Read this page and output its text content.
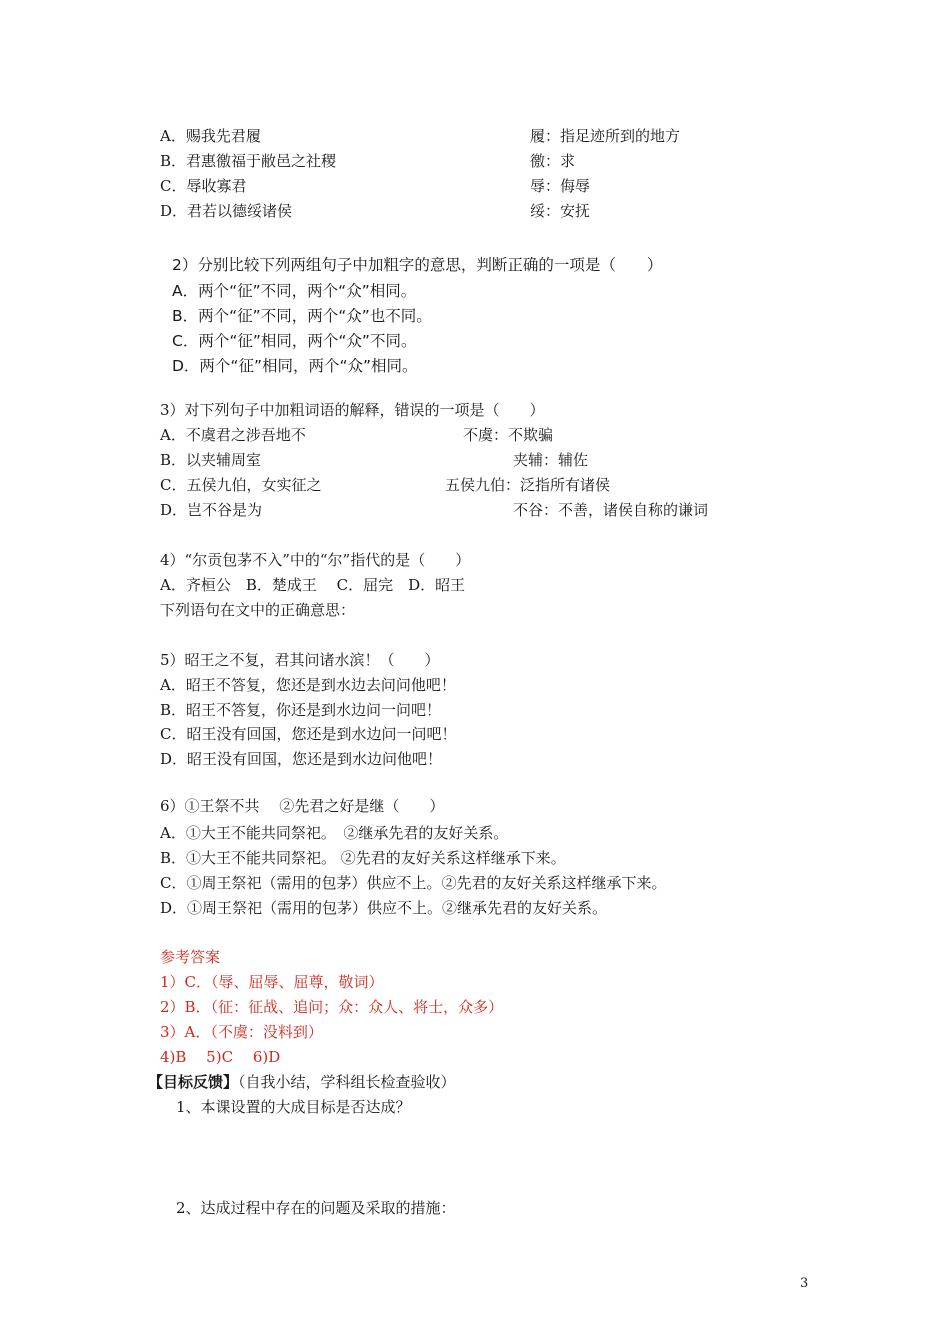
A．赐我先君履	履：指足迹所到的地方
B．君惠徼福于敝邑之社稷	徼：求
C．辱收寡君	辱：侮辱
D．君若以德绥诸侯	绥：安抚
2）分别比较下列两组句子中加粗字的意思，判断正确的一项是（　　）
A．两个“征”不同，两个“众”相同。
B．两个“征”不同，两个“众”也不同。
C．两个“征”相同，两个“众”不同。
D．两个“征”相同，两个“众”相同。
3）对下列句子中加粗词语的解释，错误的一项是（　　）
A．不虞君之涉吾地不	不虞：不欺骗
B．以夹辅周室	夹辅：辅佐
C．五侯九伯，女实征之	五侯九伯：泛指所有诸侯
D．岂不谷是为	不谷：不善，诸侯自称的谦词
4）“尔贡包茅不入”中的“尔”指代的是（　　）
A．齐桓公　B．楚成王　 C．屈完　D．昭王
下列语句在文中的正确意思：
5）昭王之不复，君其问诸水滨！（　　）
A．昭王不答复，您还是到水边去问问他吧！
B．昭王不答复，你还是到水边问一问吧！
C．昭王没有回国，您还是到水边问一问吧！
D．昭王没有回国，您还是到水边问他吧！
6）①王祭不共　 ②先君之好是继（　　）
A．①大王不能共同祭祀。　②继承先君的友好关系。
B．①大王不能共同祭祀。 ②先君的友好关系这样继承下来。
C．①周王祭祀（需用的包茅）供应不上。②先君的友好关系这样继承下来。
D．①周王祭祀（需用的包茅）供应不上。②继承先君的友好关系。
参考答案
1）C．（辱、屈辱、屈尊，敬词）
2）B．（征：征战、追问；众：众人、将士，众多）
3）A．（不虞：没料到）
4)B　 5)C　 6)D
【目标反馈】（自我小结，学科组长检查验收）
1、本课设置的大成目标是否达成？
2、达成过程中存在的问题及采取的措施：
3
